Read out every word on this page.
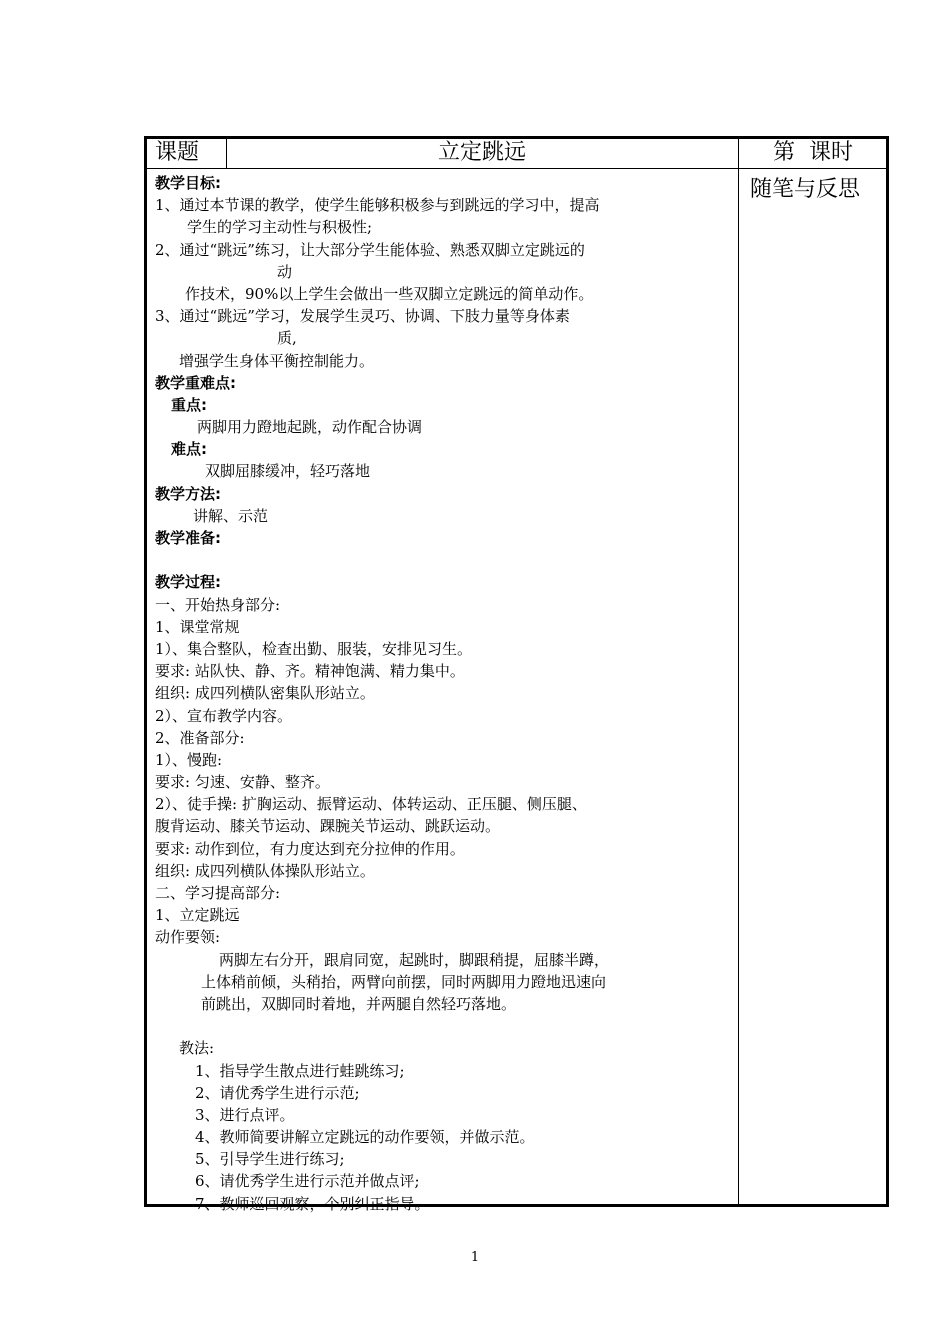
课题	立定跳远	第  课时
随笔与反思
教学目标:
1、通过本节课的教学，使学生能够积极参与到跳远的学习中，提高
学生的学习主动性与积极性;
2、通过“跳远”练习，让大部分学生能体验、熟悉双脚立定跳远的
动
作技术，90%以上学生会做出一些双脚立定跳远的简单动作。
3、通过“跳远”学习，发展学生灵巧、协调、下肢力量等身体素
质,
增强学生身体平衡控制能力。
教学重难点:
重点:
两脚用力蹬地起跳，动作配合协调
难点:
双脚屈膝缓冲，轻巧落地
教学方法:
讲解、示范
教学准备:
教学过程:
一、开始热身部分:
1、课堂常规
1）、集合整队，检查出勤、服装，安排见习生。
要求: 站队快、静、齐。精神饱满、精力集中。
组织: 成四列横队密集队形站立。
2）、宣布教学内容。
2、准备部分:
1）、慢跑:
要求: 匀速、安静、整齐。
2）、徒手操: 扩胸运动、振臂运动、体转运动、正压腿、侧压腿、
腹背运动、膝关节运动、踝腕关节运动、跳跃运动。
要求: 动作到位，有力度达到充分拉伸的作用。
组织: 成四列横队体操队形站立。
二、学习提高部分:
1、立定跳远
动作要领:
两脚左右分开，跟肩同宽，起跳时，脚跟稍提，屈膝半蹲，
上体稍前倾，头稍抬，两臂向前摆，同时两脚用力蹬地迅速向
前跳出，双脚同时着地，并两腿自然轻巧落地。
教法:
1、指导学生散点进行蛙跳练习;
2、请优秀学生进行示范;
3、进行点评。
4、教师简要讲解立定跳远的动作要领，并做示范。
5、引导学生进行练习;
6、请优秀学生进行示范并做点评;
7、教师巡回观察，个别纠正指导。
1
